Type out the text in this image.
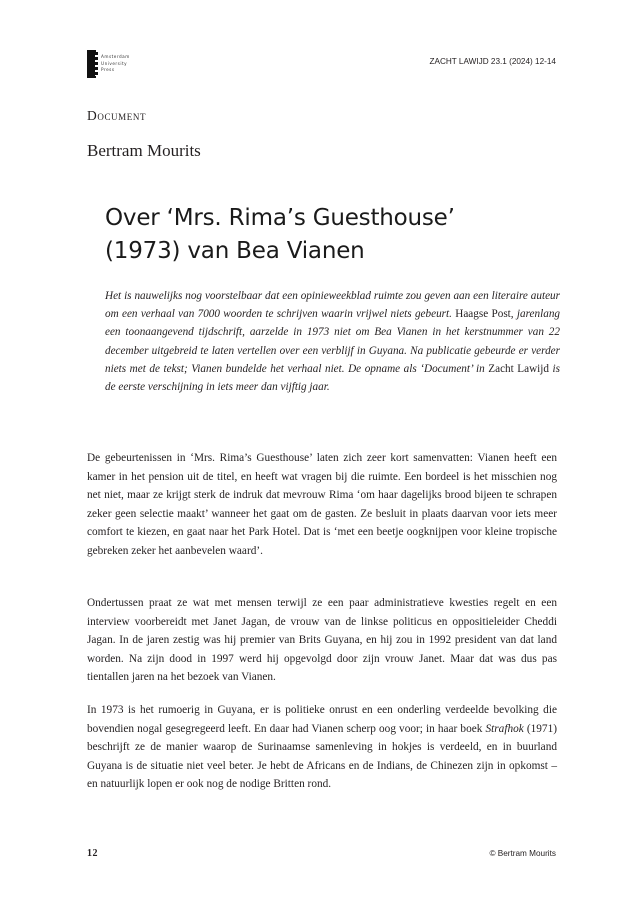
Amsterdam
University
Press
ZACHT LAWIJD 23.1 (2024) 12-14
Document
Bertram Mourits
Over ‘Mrs. Rima’s Guesthouse’
(1973) van Bea Vianen

Het is nauwelijks nog voorstelbaar dat een opinieweekblad ruimte zou geven aan een literaire auteur om een verhaal van 7000 woorden te schrijven waarin vrijwel niets gebeurt. Haagse Post, jarenlang een toonaangevend tijdschrift, aarzelde in 1973 niet om Bea Vianen in het kerstnummer van 22 december uitgebreid te laten vertellen over een verblijf in Guyana. Na publicatie gebeurde er verder niets met de tekst; Vianen bundelde het verhaal niet. De opname als ‘Document’ in Zacht Lawijd is de eerste verschijning in iets meer dan vijftig jaar.

De gebeurtenissen in ‘Mrs. Rima’s Guesthouse’ laten zich zeer kort samenvatten: Vianen heeft een kamer in het pension uit de titel, en heeft wat vragen bij die ruimte. Een bordeel is het misschien nog net niet, maar ze krijgt sterk de indruk dat mevrouw Rima ‘om haar dagelijks brood bijeen te schrapen zeker geen selectie maakt’ wanneer het gaat om de gasten. Ze besluit in plaats daarvan voor iets meer comfort te kiezen, en gaat naar het Park Hotel. Dat is ‘met een beetje oogknijpen voor kleine tropische gebreken zeker het aanbevelen waard’.

Ondertussen praat ze wat met mensen terwijl ze een paar administratieve kwesties regelt en een interview voorbereidt met Janet Jagan, de vrouw van de linkse politicus en oppositieleider Cheddi Jagan. In de jaren zestig was hij premier van Brits Guyana, en hij zou in 1992 president van dat land worden. Na zijn dood in 1997 werd hij opgevolgd door zijn vrouw Janet. Maar dat was dus pas tientallen jaren na het bezoek van Vianen.

In 1973 is het rumoerig in Guyana, er is politieke onrust en een onderling verdeelde bevolking die bovendien nogal gesegregeerd leeft. En daar had Vianen scherp oog voor; in haar boek Strafhok (1971) beschrijft ze de manier waarop de Surinaamse samenleving in hokjes is verdeeld, en in buurland Guyana is de situatie niet veel beter. Je hebt de Africans en de Indians, de Chinezen zijn in opkomst – en natuurlijk lopen er ook nog de nodige Britten rond.

12	© Bertram Mourits
